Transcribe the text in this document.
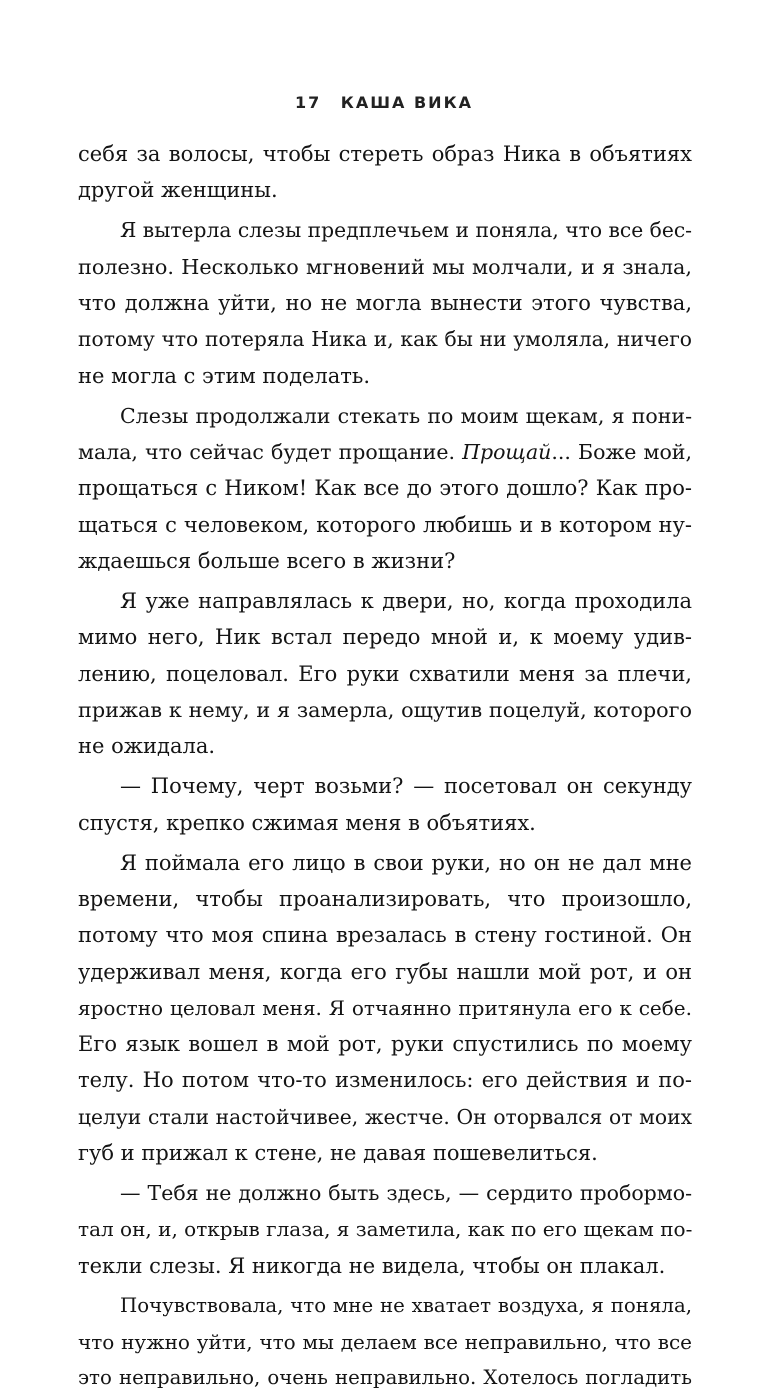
17 КАША ВИКА
себя за волосы, чтобы стереть образ Ника в объятиях
другой женщины.
Я вытерла слезы предплечьем и поняла, что все бес-
полезно. Несколько мгновений мы молчали, и я знала,
что должна уйти, но не могла вынести этого чувства,
потому что потеряла Ника и, как бы ни умоляла, ничего
не могла с этим поделать.
Слезы продолжали стекать по моим щекам, я пони-
мала, что сейчас будет прощание. Прощай... Боже мой,
прощаться с Ником! Как все до этого дошло? Как про-
щаться с человеком, которого любишь и в котором ну-
ждаешься больше всего в жизни?
Я уже направлялась к двери, но, когда проходила
мимо него, Ник встал передо мной и, к моему удив-
лению, поцеловал. Его руки схватили меня за плечи,
прижав к нему, и я замерла, ощутив поцелуй, которого
не ожидала.
— Почему, черт возьми? — посетовал он секунду
спустя, крепко сжимая меня в объятиях.
Я поймала его лицо в свои руки, но он не дал мне
времени, чтобы проанализировать, что произошло,
потому что моя спина врезалась в стену гостиной. Он
удерживал меня, когда его губы нашли мой рот, и он
яростно целовал меня. Я отчаянно притянула его к себе.
Его язык вошел в мой рот, руки спустились по моему
телу. Но потом что-то изменилось: его действия и по-
целуи стали настойчивее, жестче. Он оторвался от моих
губ и прижал к стене, не давая пошевелиться.
— Тебя не должно быть здесь, — сердито пробормо-
тал он, и, открыв глаза, я заметила, как по его щекам по-
текли слезы. Я никогда не видела, чтобы он плакал.
Почувствовала, что мне не хватает воздуха, я поняла,
что нужно уйти, что мы делаем все неправильно, что все
это неправильно, очень неправильно. Хотелось погладить
